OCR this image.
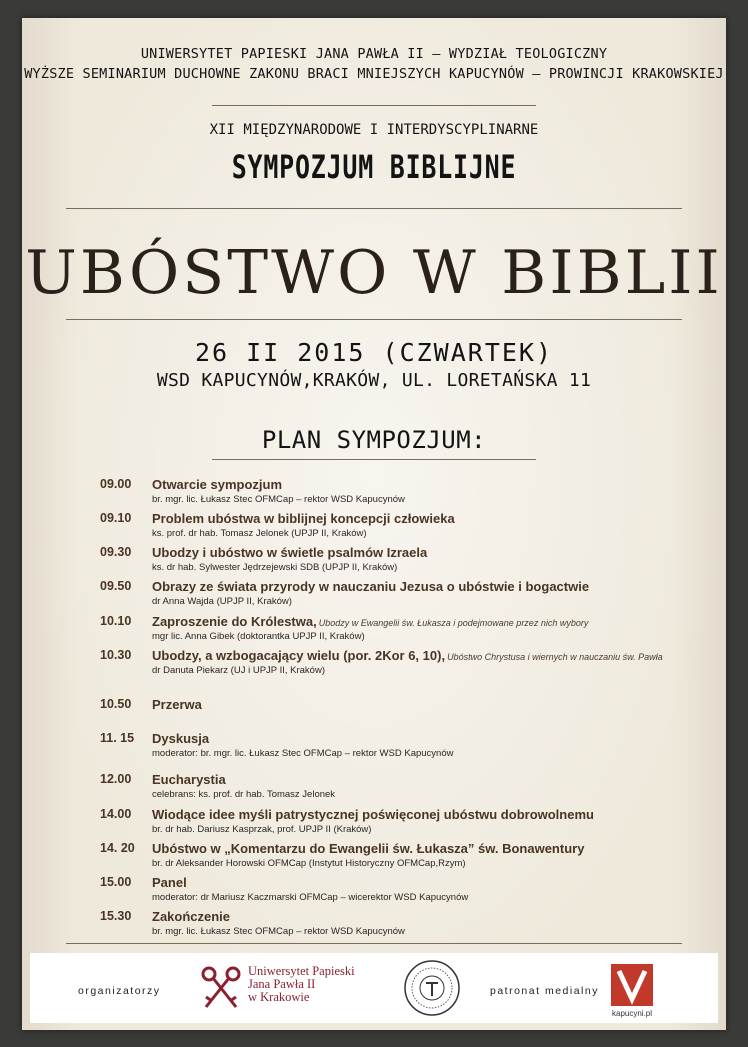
UNIWERSYTET PAPIESKI JANA PAWŁA II – WYDZIAŁ TEOLOGICZNY
WYŻSZE SEMINARIUM DUCHOWNE ZAKONU BRACI MNIEJSZYCH KAPUCYNÓW – PROWINCJI KRAKOWSKIEJ
XII MIĘDZYNARODOWE I INTERDYSCYPLINARNE
SYMPOZJUM BIBLIJNE
UBÓSTWO W BIBLII
26 II 2015 (CZWARTEK)
WSD KAPUCYNÓW,KRAKÓW, UL. LORETAŃSKA 11
PLAN SYMPOZJUM:
09.00	Otwarcie sympozjum
br. mgr. lic. Łukasz Stec OFMCap – rektor WSD Kapucynów
09.10	Problem ubóstwa w biblijnej koncepcji człowieka
ks. prof. dr hab. Tomasz Jelonek (UPJP II, Kraków)
09.30	Ubodzy i ubóstwo w świetle psalmów Izraela
ks. dr hab. Sylwester Jędrzejewski SDB (UPJP II, Kraków)
09.50	Obrazy ze świata przyrody w nauczaniu Jezusa o ubóstwie i bogactwie
dr Anna Wajda (UPJP II, Kraków)
10.10	Zaproszenie do Królestwa, Ubodzy w Ewangelii św. Łukasza i podejmowane przez nich wybory
mgr lic. Anna Gibek (doktorantka UPJP II, Kraków)
10.30	Ubodzy, a wzbogacający wielu (por. 2Kor 6, 10), Ubóstwo Chrystusa i wiernych w nauczaniu św. Pawła
dr Danuta Piekarz (UJ i UPJP II, Kraków)
10.50	Przerwa
11. 15	Dyskusja
moderator: br. mgr. lic. Łukasz Stec OFMCap – rektor WSD Kapucynów
12.00	Eucharystia
celebrans: ks. prof. dr hab. Tomasz Jelonek
14.00	Wiodące idee myśli patrystycznej poświęconej ubóstwu dobrowolnemu
br. dr hab. Dariusz Kasprzak, prof. UPJP II (Kraków)
14. 20	Ubóstwo w „Komentarzu do Ewangelii św. Łukasza” św. Bonawentury
br. dr Aleksander Horowski OFMCap (Instytut Historyczny OFMCap,Rzym)
15.00	Panel
moderator: dr Mariusz Kaczmarski OFMCap – wicerektor WSD Kapucynów
15.30	Zakończenie
br. mgr. lic. Łukasz Stec OFMCap – rektor WSD Kapucynów
organizatorzy
Uniwersytet Papieski
Jana Pawła II
w Krakowie	patronat medialny
kapucyni.pl
